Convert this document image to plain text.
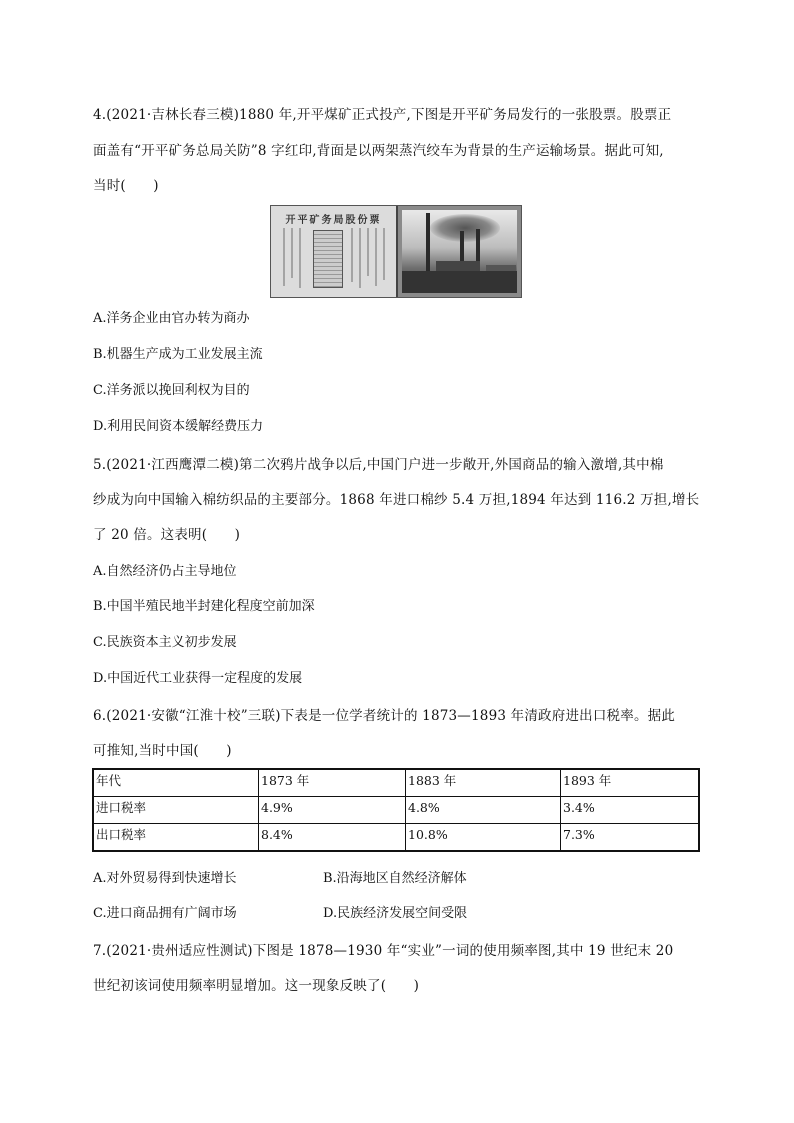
4.(2021·吉林长春三模)1880 年,开平煤矿正式投产,下图是开平矿务局发行的一张股票。股票正
面盖有“开平矿务总局关防”8 字红印,背面是以两架蒸汽绞车为背景的生产运输场景。据此可知,
当时(　　)
开平矿务局股份票
A.洋务企业由官办转为商办
B.机器生产成为工业发展主流
C.洋务派以挽回利权为目的
D.利用民间资本缓解经费压力
5.(2021·江西鹰潭二模)第二次鸦片战争以后,中国门户进一步敞开,外国商品的输入激增,其中棉
纱成为向中国输入棉纺织品的主要部分。1868 年进口棉纱 5.4 万担,1894 年达到 116.2 万担,增长
了 20 倍。这表明(　　)
A.自然经济仍占主导地位
B.中国半殖民地半封建化程度空前加深
C.民族资本主义初步发展
D.中国近代工业获得一定程度的发展
6.(2021·安徽“江淮十校”三联)下表是一位学者统计的 1873—1893 年清政府进出口税率。据此
可推知,当时中国(　　)
年代	1873 年	1883 年	1893 年
进口税率	4.9%	4.8%	3.4%
出口税率	8.4%	10.8%	7.3%
A.对外贸易得到快速增长	B.沿海地区自然经济解体
C.进口商品拥有广阔市场	D.民族经济发展空间受限
7.(2021·贵州适应性测试)下图是 1878—1930 年“实业”一词的使用频率图,其中 19 世纪末 20
世纪初该词使用频率明显增加。这一现象反映了(　　)
